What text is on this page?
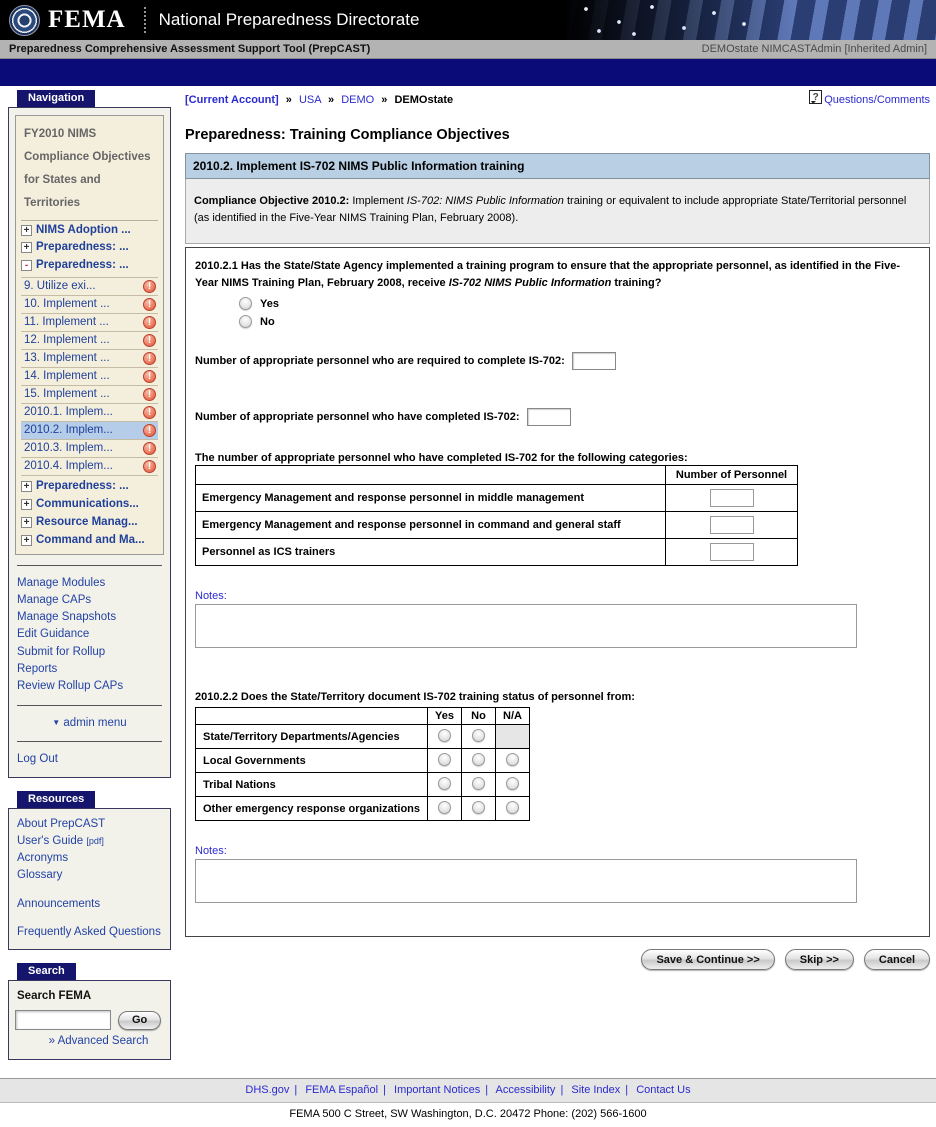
FEMA National Preparedness Directorate
Preparedness Comprehensive Assessment Support Tool (PrepCAST)	DEMOstate NIMCASTAdmin [Inherited Admin]
Navigation
FY2010 NIMS Compliance Objectives for States and Territories
+ NIMS Adoption ...
+ Preparedness: ...
- Preparedness: ...
9. Utilize exi...	!
10. Implement ...	!
11. Implement ...	!
12. Implement ...	!
13. Implement ...	!
14. Implement ...	!
15. Implement ...	!
2010.1. Implem...	!
2010.2. Implem...	!
2010.3. Implem...	!
2010.4. Implem...	!
+ Preparedness: ...
+ Communications...
+ Resource Manag...
+ Command and Ma...
Manage Modules
Manage CAPs
Manage Snapshots
Edit Guidance
Submit for Rollup
Reports
Review Rollup CAPs
▼ admin menu
Log Out
Resources
About PrepCAST
User's Guide [pdf]
Acronyms
Glossary
Announcements
Frequently Asked Questions
Search
Search FEMA
Go
» Advanced Search
[Current Account] » USA » DEMO » DEMOstate	? Questions/Comments
Preparedness: Training Compliance Objectives
2010.2. Implement IS-702 NIMS Public Information training
Compliance Objective 2010.2: Implement IS-702: NIMS Public Information training or equivalent to include appropriate State/Territorial personnel (as identified in the Five-Year NIMS Training Plan, February 2008).
2010.2.1 Has the State/State Agency implemented a training program to ensure that the appropriate personnel, as identified in the Five-Year NIMS Training Plan, February 2008, receive IS-702 NIMS Public Information training?
Yes
No
Number of appropriate personnel who are required to complete IS-702:
Number of appropriate personnel who have completed IS-702:
The number of appropriate personnel who have completed IS-702 for the following categories:
	Number of Personnel
Emergency Management and response personnel in middle management	
Emergency Management and response personnel in command and general staff	
Personnel as ICS trainers	
Notes:
2010.2.2 Does the State/Territory document IS-702 training status of personnel from:
	Yes	No	N/A
State/Territory Departments/Agencies			
Local Governments			
Tribal Nations			
Other emergency response organizations			
Notes:
Save & Continue >>	Skip >>	Cancel
DHS.gov | FEMA Español | Important Notices | Accessibility | Site Index | Contact Us
FEMA 500 C Street, SW Washington, D.C. 20472 Phone: (202) 566-1600
